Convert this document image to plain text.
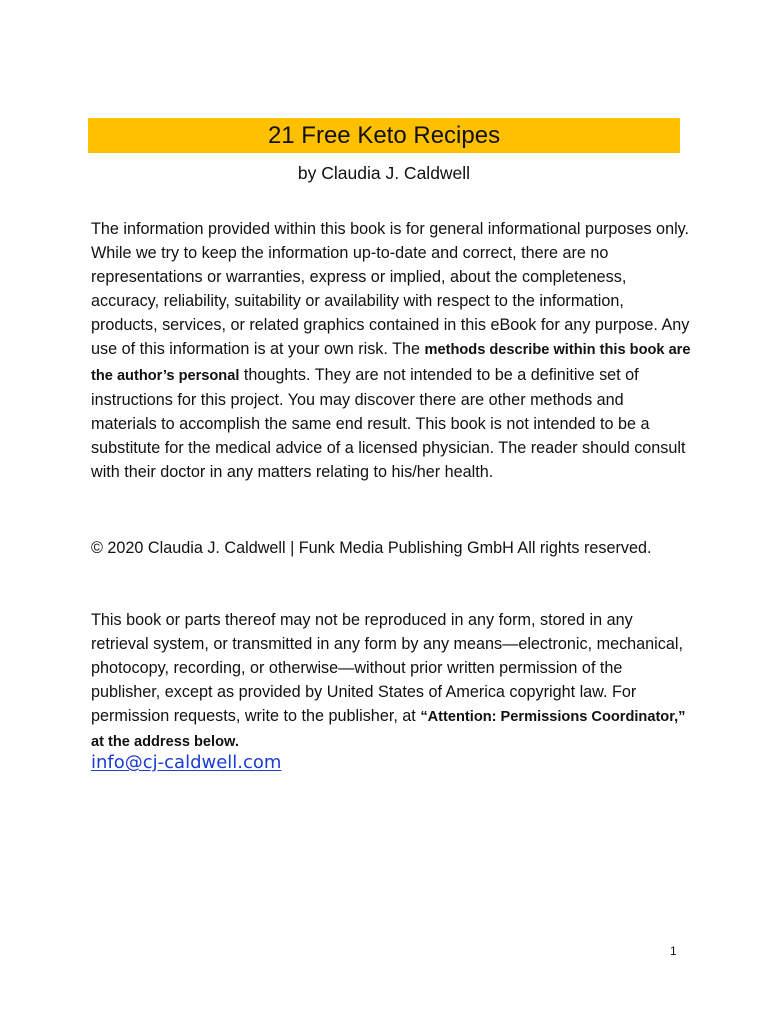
21 Free Keto Recipes
by Claudia J. Caldwell

The information provided within this book is for general informational purposes only. While we try to keep the information up-to-date and correct, there are no representations or warranties, express or implied, about the completeness, accuracy, reliability, suitability or availability with respect to the information, products, services, or related graphics contained in this eBook for any purpose. Any use of this information is at your own risk. The methods describe within this book are the author’s personal thoughts. They are not intended to be a definitive set of instructions for this project. You may discover there are other methods and materials to accomplish the same end result. This book is not intended to be a substitute for the medical advice of a licensed physician. The reader should consult with their doctor in any matters relating to his/her health.

© 2020 Claudia J. Caldwell | Funk Media Publishing GmbH All rights reserved.

This book or parts thereof may not be reproduced in any form, stored in any retrieval system, or transmitted in any form by any means—electronic, mechanical, photocopy, recording, or otherwise—without prior written permission of the publisher, except as provided by United States of America copyright law. For permission requests, write to the publisher, at “Attention: Permissions Coordinator,” at the address below.

info@cj-caldwell.com
1
